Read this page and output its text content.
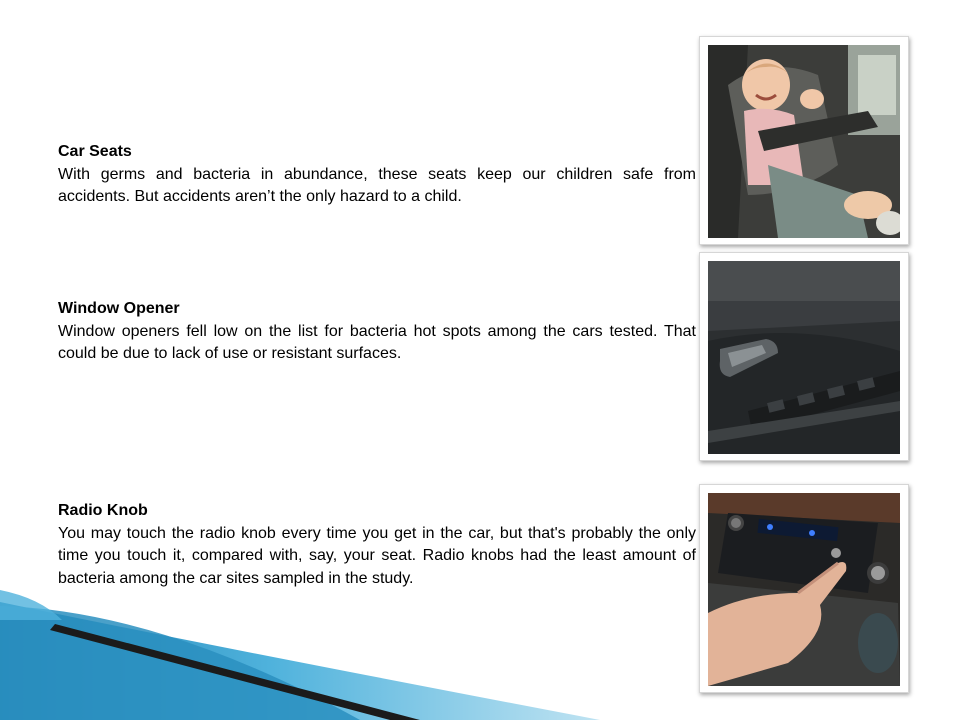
Car Seats
With germs and bacteria in abundance, these seats keep our children safe from accidents. But accidents aren’t the only hazard to a child.
Window Opener
Window openers fell low on the list for bacteria hot spots among the cars tested. That could be due to lack of use or resistant surfaces.
Radio Knob
You may touch the radio knob every time you get in the car, but that's probably the only time you touch it, compared with, say, your seat. Radio knobs had the least amount of bacteria among the car sites sampled in the study.
